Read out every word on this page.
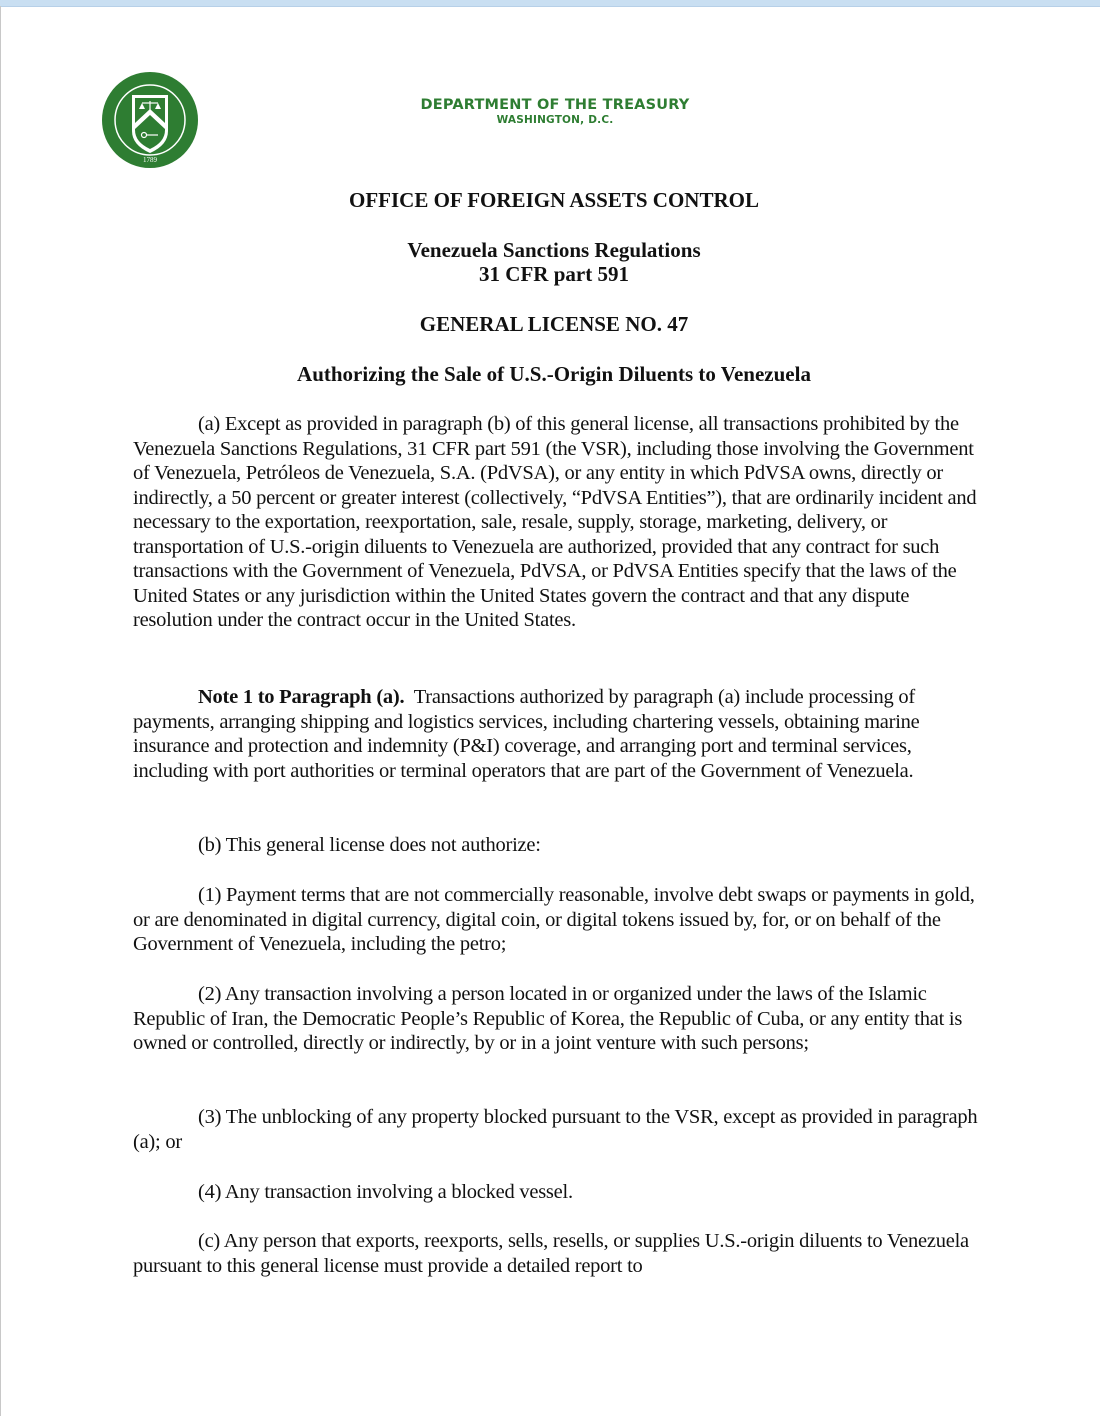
1789
DEPARTMENT OF THE TREASURY
WASHINGTON, D.C.
OFFICE OF FOREIGN ASSETS CONTROL
Venezuela Sanctions Regulations
31 CFR part 591
GENERAL LICENSE NO. 47
Authorizing the Sale of U.S.-Origin Diluents to Venezuela
(a) Except as provided in paragraph (b) of this general license, all transactions prohibited by the Venezuela Sanctions Regulations, 31 CFR part 591 (the VSR), including those involving the Government of Venezuela, Petróleos de Venezuela, S.A. (PdVSA), or any entity in which PdVSA owns, directly or indirectly, a 50 percent or greater interest (collectively, “PdVSA Entities”), that are ordinarily incident and necessary to the exportation, reexportation, sale, resale, supply, storage, marketing, delivery, or transportation of U.S.-origin diluents to Venezuela are authorized, provided that any contract for such transactions with the Government of Venezuela, PdVSA, or PdVSA Entities specify that the laws of the United States or any jurisdiction within the United States govern the contract and that any dispute resolution under the contract occur in the United States.
Note 1 to Paragraph (a). Transactions authorized by paragraph (a) include processing of payments, arranging shipping and logistics services, including chartering vessels, obtaining marine insurance and protection and indemnity (P&I) coverage, and arranging port and terminal services, including with port authorities or terminal operators that are part of the Government of Venezuela.
(b) This general license does not authorize:
(1) Payment terms that are not commercially reasonable, involve debt swaps or payments in gold, or are denominated in digital currency, digital coin, or digital tokens issued by, for, or on behalf of the Government of Venezuela, including the petro;
(2) Any transaction involving a person located in or organized under the laws of the Islamic Republic of Iran, the Democratic People’s Republic of Korea, the Republic of Cuba, or any entity that is owned or controlled, directly or indirectly, by or in a joint venture with such persons;
(3) The unblocking of any property blocked pursuant to the VSR, except as provided in paragraph (a); or
(4) Any transaction involving a blocked vessel.
(c) Any person that exports, reexports, sells, resells, or supplies U.S.-origin diluents to Venezuela pursuant to this general license must provide a detailed report to
